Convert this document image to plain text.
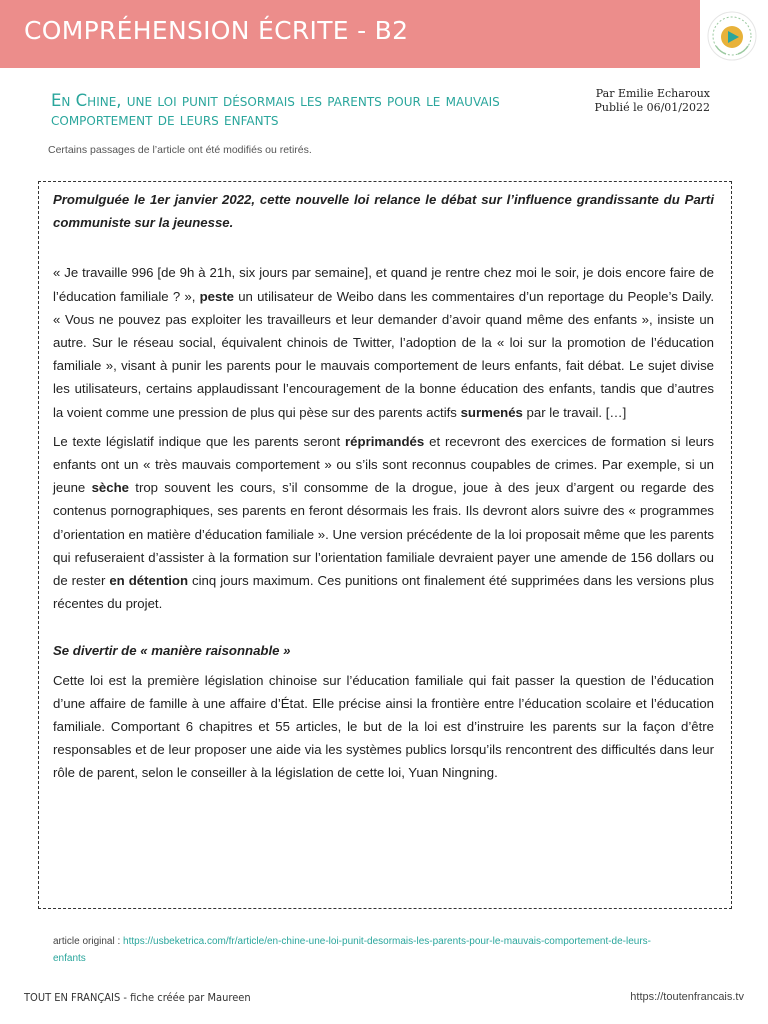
COMPRÉHENSION ÉCRITE - B2
En Chine, une loi punit désormais les parents pour le mauvais comportement de leurs enfants
Par Emilie Echaroux
Publié le 06/01/2022
Certains passages de l’article ont été modifiés ou retirés.

Promulguée le 1er janvier 2022, cette nouvelle loi relance le débat sur l’influence grandissante du Parti communiste sur la jeunesse.

« Je travaille 996 [de 9h à 21h, six jours par semaine], et quand je rentre chez moi le soir, je dois encore faire de l’éducation familiale ? », peste un utilisateur de Weibo dans les commentaires d’un reportage du People’s Daily. « Vous ne pouvez pas exploiter les travailleurs et leur demander d’avoir quand même des enfants », insiste un autre. Sur le réseau social, équivalent chinois de Twitter, l’adoption de la « loi sur la promotion de l’éducation familiale », visant à punir les parents pour le mauvais comportement de leurs enfants, fait débat. Le sujet divise les utilisateurs, certains applaudissant l’encouragement de la bonne éducation des enfants, tandis que d’autres la voient comme une pression de plus qui pèse sur des parents actifs surmenés par le travail. […]

Le texte législatif indique que les parents seront réprimandés et recevront des exercices de formation si leurs enfants ont un « très mauvais comportement » ou s’ils sont reconnus coupables de crimes. Par exemple, si un jeune sèche trop souvent les cours, s’il consomme de la drogue, joue à des jeux d’argent ou regarde des contenus pornographiques, ses parents en feront désormais les frais. Ils devront alors suivre des « programmes d’orientation en matière d’éducation familiale ». Une version précédente de la loi proposait même que les parents qui refuseraient d’assister à la formation sur l’orientation familiale devraient payer une amende de 156 dollars ou de rester en détention cinq jours maximum. Ces punitions ont finalement été supprimées dans les versions plus récentes du projet.

Se divertir de « manière raisonnable »

Cette loi est la première législation chinoise sur l’éducation familiale qui fait passer la question de l’éducation d’une affaire de famille à une affaire d’État. Elle précise ainsi la frontière entre l’éducation scolaire et l’éducation familiale. Comportant 6 chapitres et 55 articles, le but de la loi est d’instruire les parents sur la façon d’être responsables et de leur proposer une aide via les systèmes publics lorsqu’ils rencontrent des difficultés dans leur rôle de parent, selon le conseiller à la législation de cette loi, Yuan Ningning.

article original : https://usbeketrica.com/fr/article/en-chine-une-loi-punit-desormais-les-parents-pour-le-mauvais-comportement-de-leurs-enfants
TOUT EN FRANÇAIS - fiche créée par Maureen	https://toutenfrancais.tv
